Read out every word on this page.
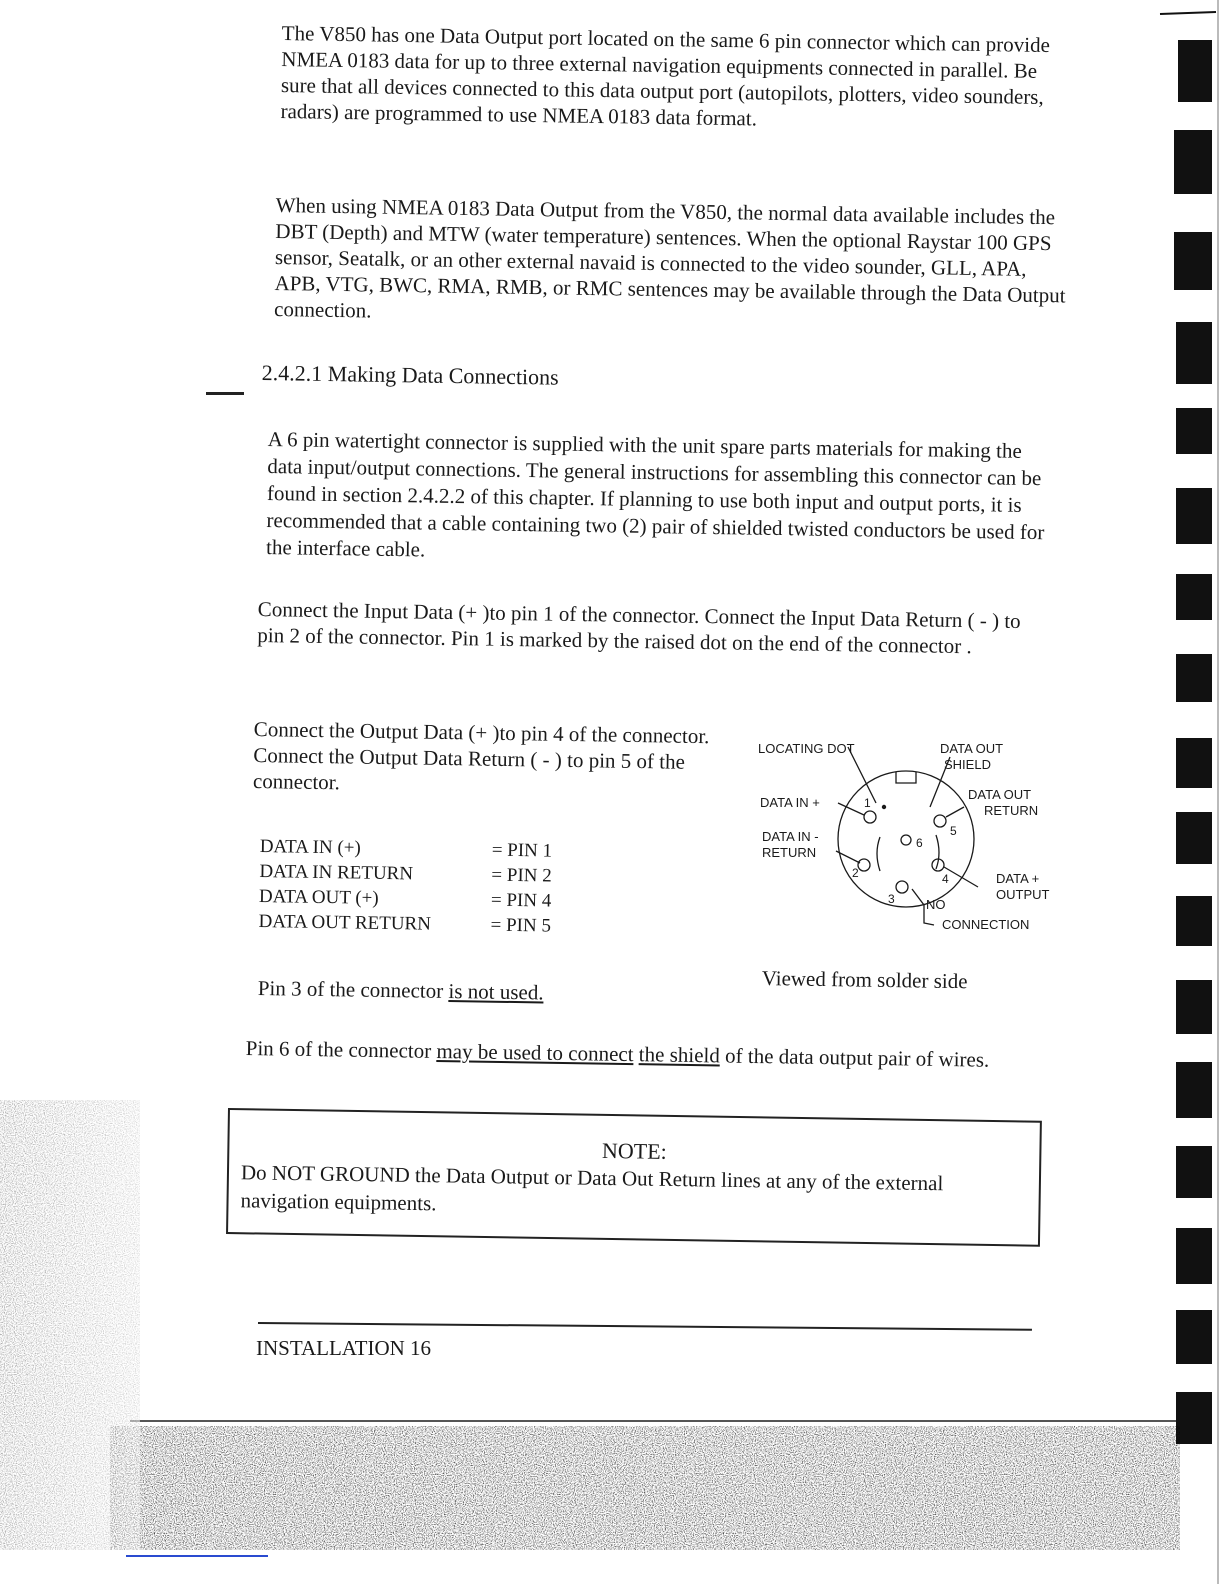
The V850 has one Data Output port located on the same 6 pin connector which can provide NMEA 0183 data for up to three external navigation equipments connected in parallel. Be sure that all devices connected to this data output port (autopilots, plotters, video sounders, radars) are programmed to use NMEA 0183 data format.

When using NMEA 0183 Data Output from the V850, the normal data available includes the DBT (Depth) and MTW (water temperature) sentences. When the optional Raystar 100 GPS sensor, Seatalk, or an other external navaid is connected to the video sounder, GLL, APA, APB, VTG, BWC, RMA, RMB, or RMC sentences may be available through the Data Output connection.

2.4.2.1 Making Data Connections

A 6 pin watertight connector is supplied with the unit spare parts materials for making the data input/output connections. The general instructions for assembling this connector can be found in section 2.4.2.2 of this chapter. If planning to use both input and output ports, it is recommended that a cable containing two (2) pair of shielded twisted conductors be used for the interface cable.

Connect the Input Data (+ )to pin 1 of the connector. Connect the Input Data Return ( - ) to pin 2 of the connector. Pin 1 is marked by the raised dot on the end of the connector .

Connect the Output Data (+ )to pin 4 of the connector. Connect the Output Data Return ( - ) to pin 5 of the connector.

DATA IN (+)	= PIN 1
DATA IN RETURN	= PIN 2
DATA OUT (+)	= PIN 4
DATA OUT RETURN	= PIN 5
LOCATING DOT	DATA OUT
SHIELD
DATA OUT
RETURN
DATA IN +
DATA IN -
RETURN
DATA +
OUTPUT
NO
CONNECTION
1
2
3
4
5
6

Viewed from solder side

Pin 3 of the connector is not used.

Pin 6 of the connector may be used to connect the shield of the data output pair of wires.

NOTE:

Do NOT GROUND the Data Output or Data Out Return lines at any of the external navigation equipments.

INSTALLATION 16
